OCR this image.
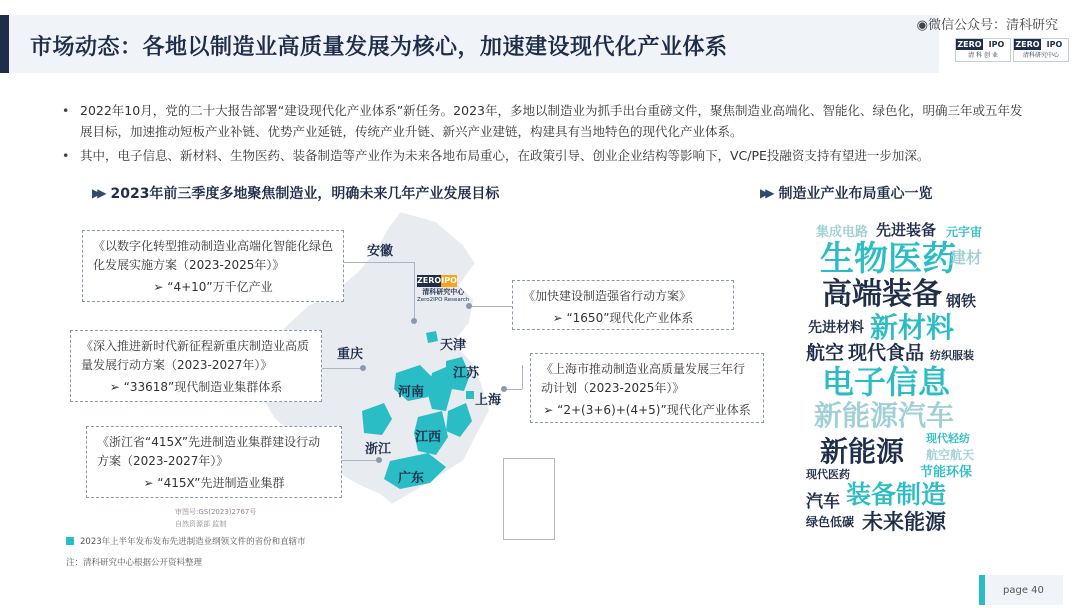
市场动态：各地以制造业高质量发展为核心，加速建设现代化产业体系
◉微信公众号：清科研究
ZERO IPO
清 科 创 业
ZERO IPO
清科研究中心
• 2022年10月，党的二十大报告部署“建设现代化产业体系”新任务。2023年，多地以制造业为抓手出台重磅文件，聚焦制造业高端化、智能化、绿色化，明确三年或五年发展目标，加速推动短板产业补链、优势产业延链，传统产业升链、新兴产业建链，构建具有当地特色的现代化产业体系。
• 其中，电子信息、新材料、生物医药、装备制造等产业作为未来各地布局重心，在政策引导、创业企业结构等影响下，VC/PE投融资支持有望进一步加深。
▶▶ 2023年前三季度多地聚焦制造业，明确未来几年产业发展目标	▶▶ 制造业产业布局重心一览
ZERO IPO
清科研究中心
Zero2IPO Research
安徽
天津
重庆
江苏
河南
上海
浙江
江西
广东
《以数字化转型推动制造业高端化智能化绿色化发展实施方案（2023-2025年）》
➢ “4+10”万千亿产业
《深入推进新时代新征程新重庆制造业高质量发展行动方案（2023-2027年）》
➢ “33618”现代制造业集群体系
《浙江省“415X”先进制造业集群建设行动方案（2023-2027年）》
➢ “415X”先进制造业集群
《加快建设制造强省行动方案》
➢ “1650”现代化产业体系
《上海市推动制造业高质量发展三年行动计划（2023-2025年）》
➢ “2+(3+6)+(4+5)”现代化产业体系
审图号:GS(2023)2767号
自然资源部 监制
2023年上半年发布发布先进制造业纲领文件的省份和直辖市
注：清科研究中心根据公开资料整理
集成电路 先进装备 元宇宙
生物医药
建材
高端装备 钢铁
先进材料 新材料
航空 现代食品 纺织服装
电子信息
新能源汽车
新能源 现代轻纺
航空航天
现代医药	节能环保
汽车 装备制造
绿色低碳 未来能源
page 40
